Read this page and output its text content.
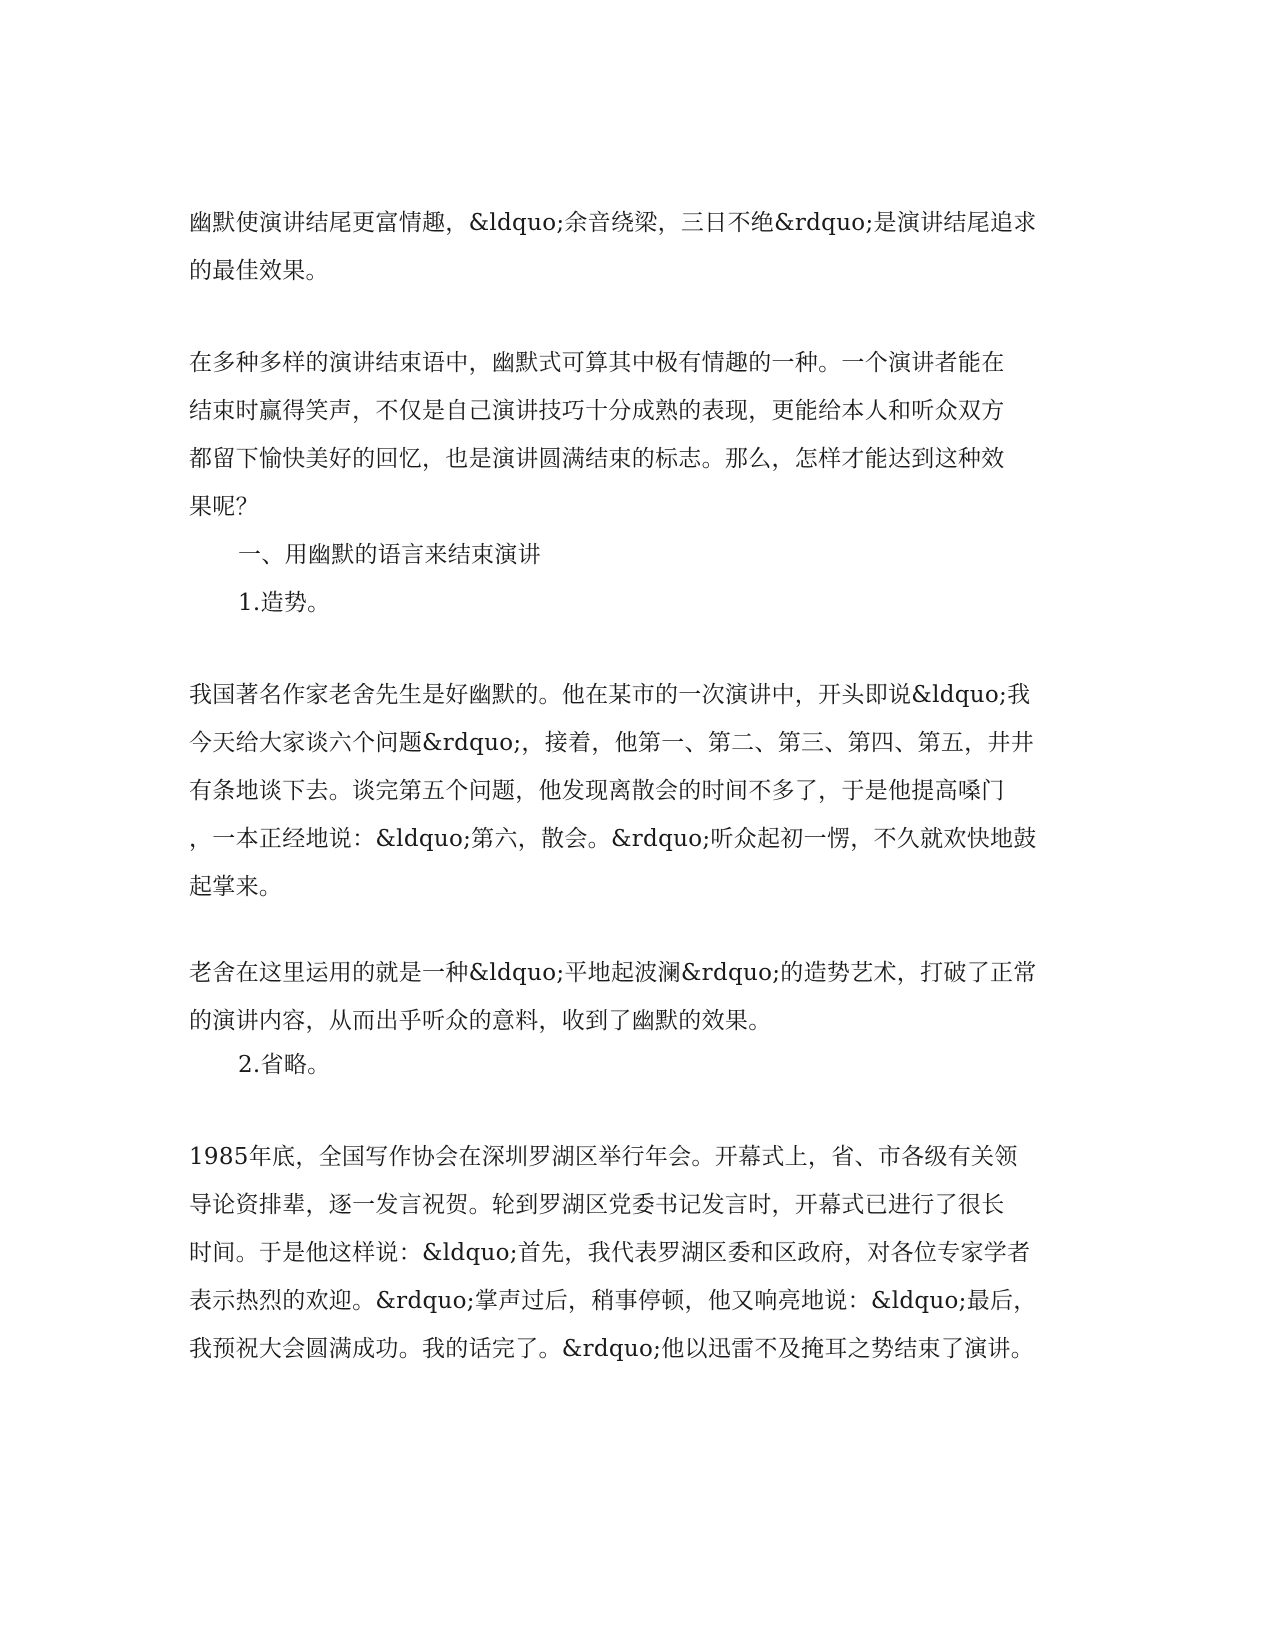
幽默使演讲结尾更富情趣，&ldquo;余音绕梁，三日不绝&rdquo;是演讲结尾追求
的最佳效果。
在多种多样的演讲结束语中，幽默式可算其中极有情趣的一种。一个演讲者能在
结束时赢得笑声，不仅是自己演讲技巧十分成熟的表现，更能给本人和听众双方
都留下愉快美好的回忆，也是演讲圆满结束的标志。那么，怎样才能达到这种效
果呢？
一、用幽默的语言来结束演讲
1.造势。
我国著名作家老舍先生是好幽默的。他在某市的一次演讲中，开头即说&ldquo;我
今天给大家谈六个问题&rdquo;，接着，他第一、第二、第三、第四、第五，井井
有条地谈下去。谈完第五个问题，他发现离散会的时间不多了，于是他提高嗓门
，一本正经地说：&ldquo;第六，散会。&rdquo;听众起初一愣，不久就欢快地鼓
起掌来。
老舍在这里运用的就是一种&ldquo;平地起波澜&rdquo;的造势艺术，打破了正常
的演讲内容，从而出乎听众的意料，收到了幽默的效果。
2.省略。
1985年底，全国写作协会在深圳罗湖区举行年会。开幕式上，省、市各级有关领
导论资排辈，逐一发言祝贺。轮到罗湖区党委书记发言时，开幕式已进行了很长
时间。于是他这样说：&ldquo;首先，我代表罗湖区委和区政府，对各位专家学者
表示热烈的欢迎。&rdquo;掌声过后，稍事停顿，他又响亮地说：&ldquo;最后，
我预祝大会圆满成功。我的话完了。&rdquo;他以迅雷不及掩耳之势结束了演讲。
